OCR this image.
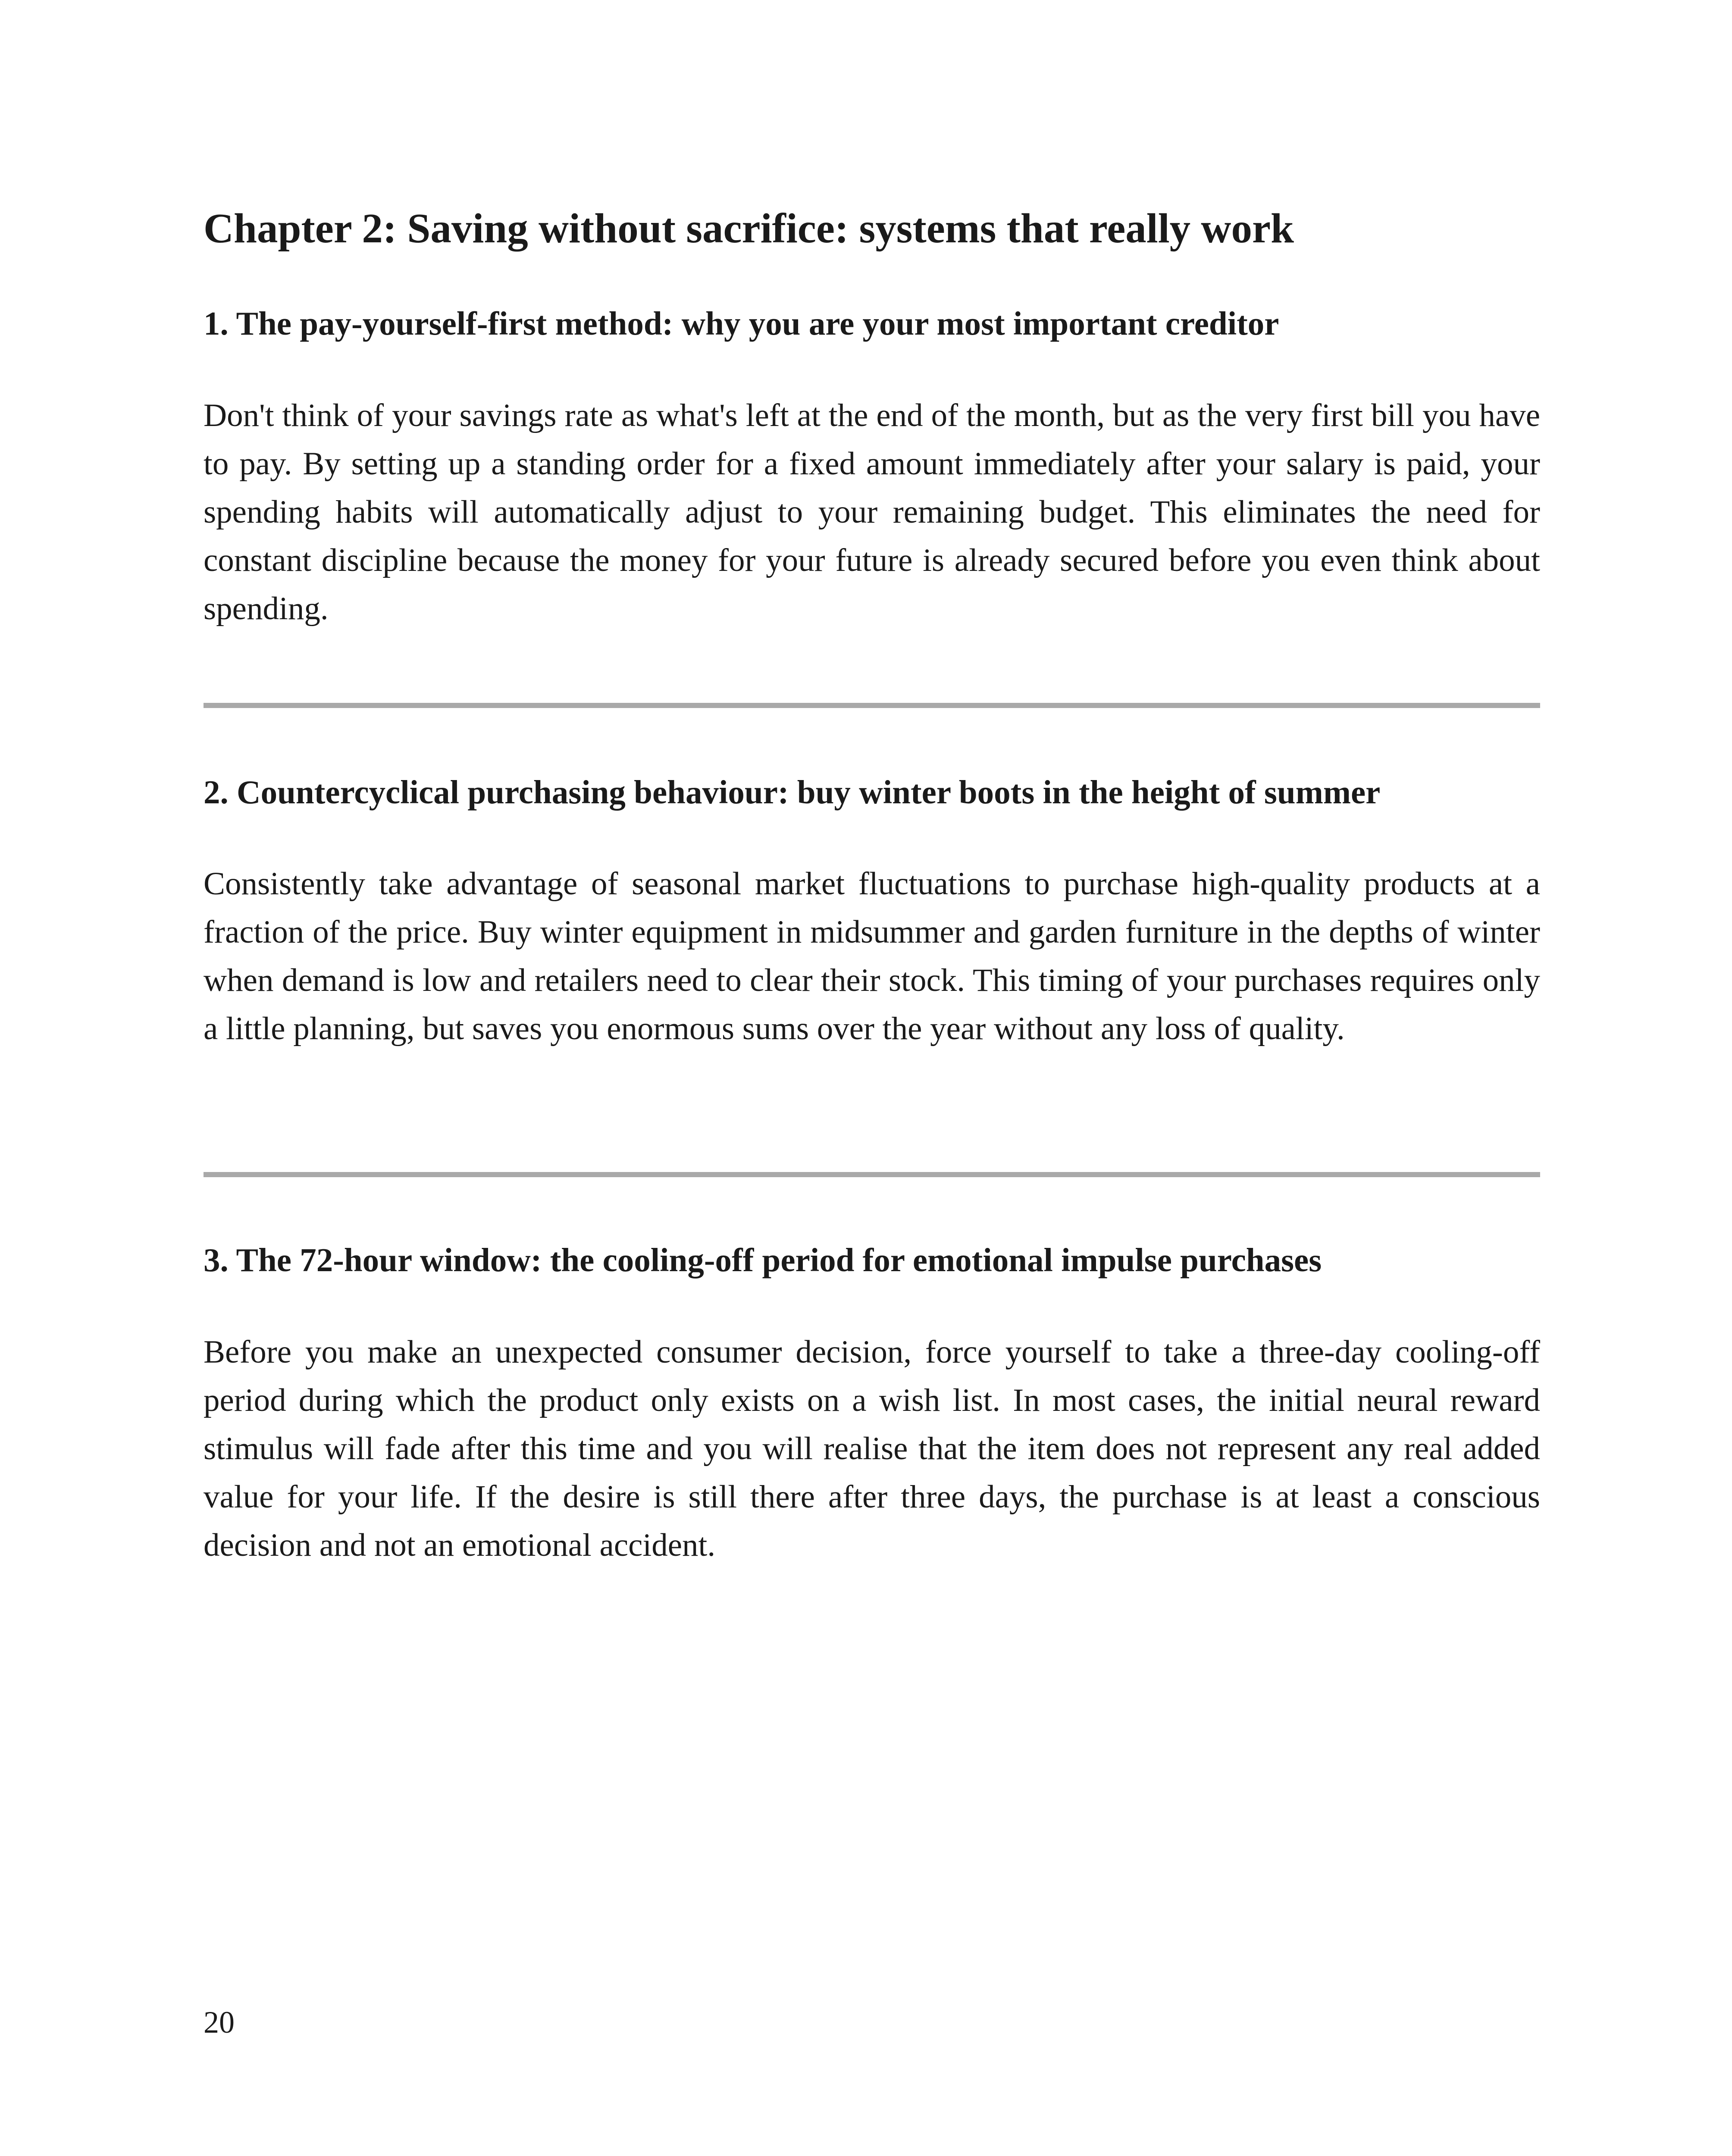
Chapter 2: Saving without sacrifice: systems that really work
1. The pay-yourself-first method: why you are your most important creditor

Don't think of your savings rate as what's left at the end of the month, but as the very first bill you have to pay. By setting up a standing order for a fixed amount immediately after your salary is paid, your spending habits will automatically adjust to your remaining budget. This eliminates the need for constant discipline because the money for your future is already secured before you even think about spending.

2. Countercyclical purchasing behaviour: buy winter boots in the height of summer

Consistently take advantage of seasonal market fluctuations to purchase high-quality products at a fraction of the price. Buy winter equipment in midsummer and garden furniture in the depths of winter when demand is low and retailers need to clear their stock. This timing of your purchases requires only a little planning, but saves you enormous sums over the year without any loss of quality.

3. The 72-hour window: the cooling-off period for emotional impulse purchases

Before you make an unexpected consumer decision, force yourself to take a three-day cooling-off period during which the product only exists on a wish list. In most cases, the initial neural reward stimulus will fade after this time and you will realise that the item does not represent any real added value for your life. If the desire is still there after three days, the purchase is at least a conscious decision and not an emotional accident.

20
